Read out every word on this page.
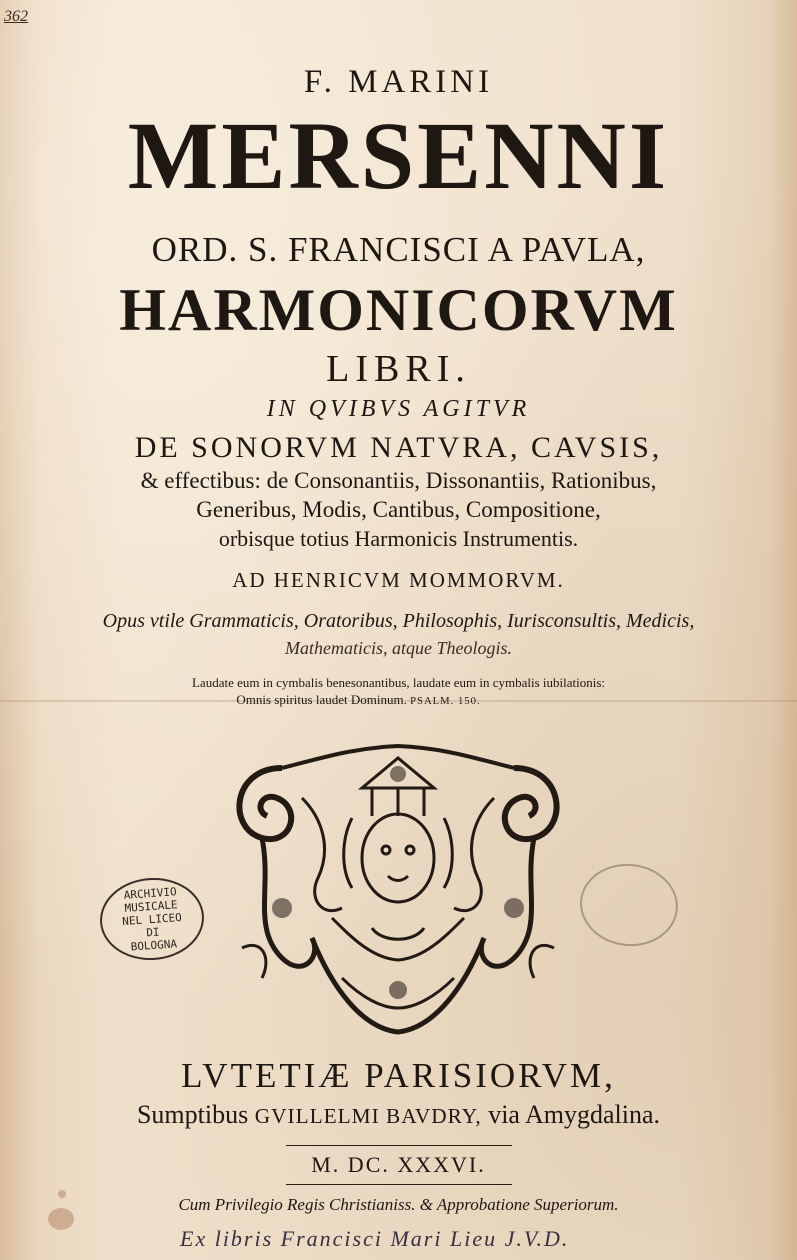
362
F. MARINI
MERSENNI
ORD. S. FRANCISCI A PAVLA,
HARMONICORVM
LIBRI.
IN QVIBVS AGITVR
DE SONORVM NATVRA, CAVSIS,
& effectibus: de Consonantiis, Dissonantiis, Rationibus,
Generibus, Modis, Cantibus, Compositione,
orbisque totius Harmonicis Instrumentis.
AD HENRICVM MOMMORVM.
Opus vtile Grammaticis, Oratoribus, Philosophis, Iurisconsultis, Medicis,
Mathematicis, atque Theologis.
Laudate eum in cymbalis benesonantibus, laudate eum in cymbalis iubilationis:
Omnis spiritus laudet Dominum. PSALM. 150.
ARCHIVIO
MUSICALE
NEL LICEO
DI
BOLOGNA
LVTETIÆ PARISIORVM,
Sumptibus GVILLELMI BAVDRY, via Amygdalina.
M. DC. XXXVI.
Cum Privilegio Regis Christianiss. & Approbatione Superiorum.
Ex libris Francisci Mari Lieu J.V.D.
